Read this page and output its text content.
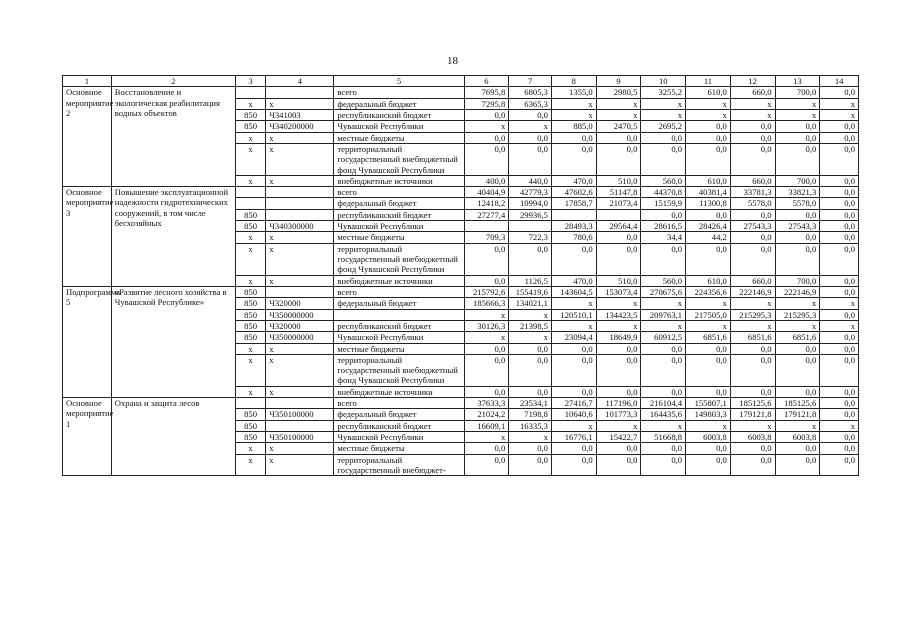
18
1	2	3	4	5	6	7	8	9	10	11	12	13	14
Основное мероприятие 2	Восстановление и экологическая реабилитация водных объектов			всего	7695,8	6805,3	1355,0	2980,5	3255,2	610,0	660,0	700,0	0,0
		x	x	федеральный бюджет	7295,8	6365,3	x	x	x	x	x	x	x
		850	Ч341003	республиканский бюджет	0,0	0,0	x	x	x	x	x	x	x
		850	Ч340200000	Чувашской Республики	x	x	885,0	2470,5	2695,2	0,0	0,0	0,0	0,0
		x	x	местные бюджеты	0,0	0,0	0,0	0,0	0,0	0,0	0,0	0,0	0,0
		x	x	территориальный государственный внебюджетный фонд Чувашской Республики	0,0	0,0	0,0	0,0	0,0	0,0	0,0	0,0	0,0
		x	x	внебюджетные источники	400,0	440,0	470,0	510,0	560,0	610,0	660,0	700,0	0,0
Основное мероприятие 3	Повышение эксплуатационной надежности гидротехнических сооружений, в том числе бесхозяйных			всего	40404,9	42779,3	47602,6	51147,8	44370,8	40381,4	33781,3	33821,3	0,0
				федеральный бюджет	12418,2	10994,0	17858,7	21073,4	15159,9	11300,8	5578,0	5578,0	0,0
		850		республиканский бюджет	27277,4	29936,5			0,0	0,0	0,0	0,0	0,0
		850	Ч340300000	Чувашской Республики			28493,3	29564,4	28616,5	28426,4	27543,3	27543,3	0,0
		x	x	местные бюджеты	709,3	722,3	780,6	0,0	34,4	44,2	0,0	0,0	0,0
		x	x	территориальный государственный внебюджетный фонд Чувашской Республики	0,0	0,0	0,0	0,0	0,0	0,0	0,0	0,0	0,0
		x	x	внебюджетные источники	0,0	1126,5	470,0	510,0	560,0	610,0	660,0	700,0	0,0
Подпрограмма 5	«Развитие лесного хозяйства в Чувашской Республике»	850		всего	215792,6	155419,6	143604,5	153073,4	270675,6	224356,6	222146,9	222146,9	0,0
		850	Ч320000	федеральный бюджет	185666,3	134021,1	x	x	x	x	x	x	x
		850	Ч350000000		x	x	120510,1	134423,5	209763,1	217505,0	215295,3	215295,3	0,0
		850	Ч320000	республиканский бюджет	30126,3	21398,5	x	x	x	x	x	x	x
		850	Ч350000000	Чувашской Республики	x	x	23094,4	18649,9	60912,5	6851,6	6851,6	6851,6	0,0
		x	x	местные бюджеты	0,0	0,0	0,0	0,0	0,0	0,0	0,0	0,0	0,0
		x	x	территориальный государственный внебюджетный фонд Чувашской Республики	0,0	0,0	0,0	0,0	0,0	0,0	0,0	0,0	0,0
		x	x	внебюджетные источники	0,0	0,0	0,0	0,0	0,0	0,0	0,0	0,0	0,0
Основное мероприятие 1	Охрана и защита лесов			всего	37633,3	23534,1	27416,7	117196,0	216104,4	155807,1	185125,6	185125,6	0,0
		850	Ч350100000	федеральный бюджет	21024,2	7198,8	10640,6	101773,3	164435,6	149803,3	179121,8	179121,8	0,0
		850		республиканский бюджет	16609,1	16335,3	x	x	x	x	x	x	x
		850	Ч350100000	Чувашской Республики	x	x	16776,1	15422,7	51668,8	6003,8	6003,8	6003,8	0,0
		x	x	местные бюджеты	0,0	0,0	0,0	0,0	0,0	0,0	0,0	0,0	0,0
		x	x	территориальный государственный внебюджет-	0,0	0,0	0,0	0,0	0,0	0,0	0,0	0,0	0,0
